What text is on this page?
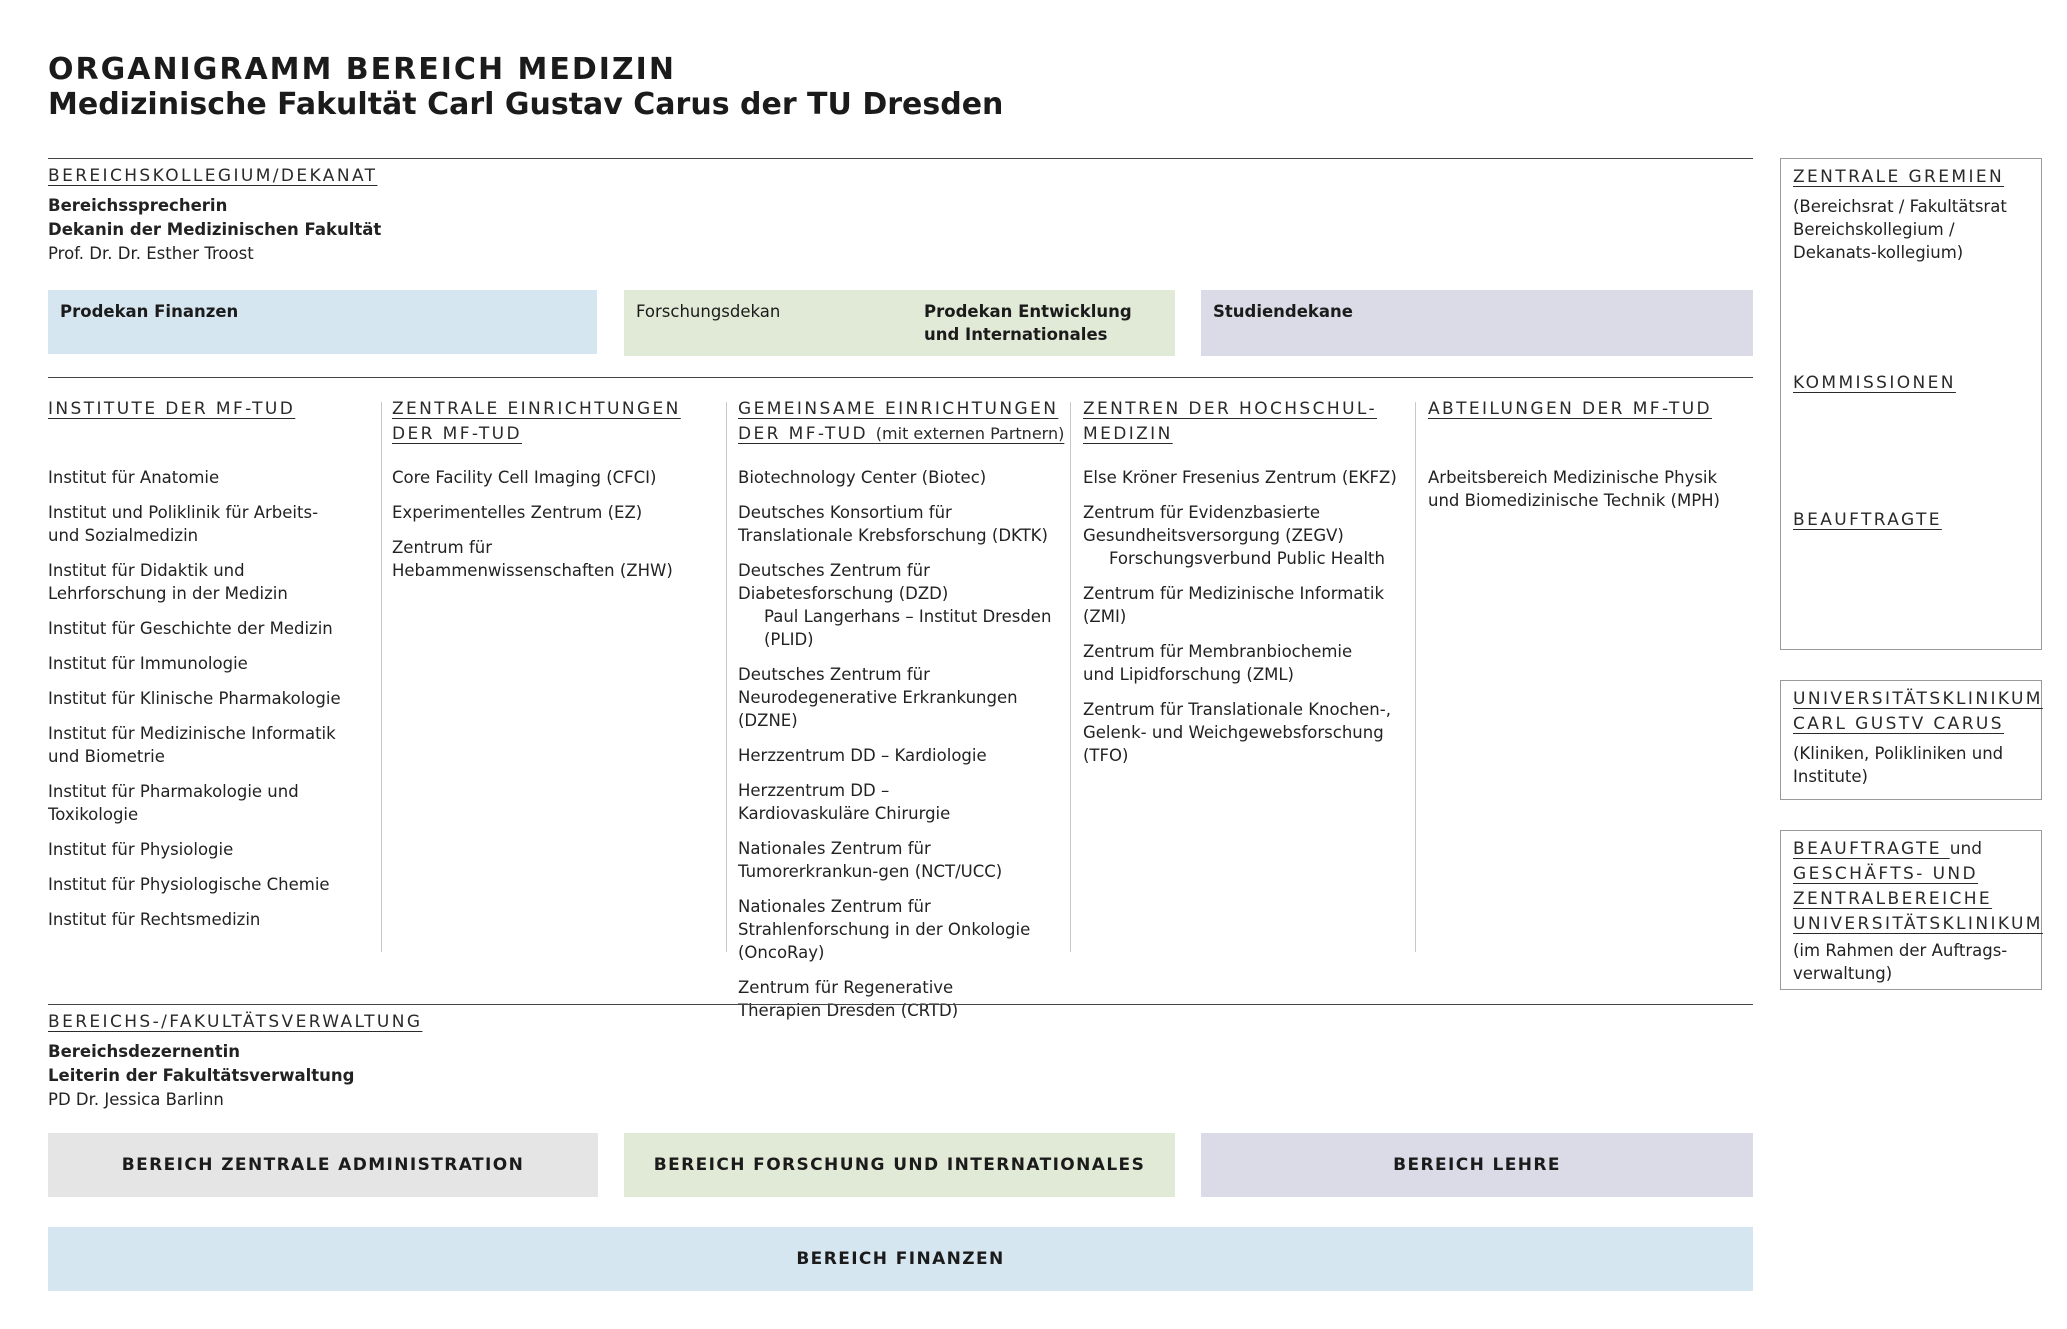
ORGANIGRAMM BEREICH MEDIZIN
Medizinische Fakultät Carl Gustav Carus der TU Dresden
BEREICHSKOLLEGIUM/DEKANAT
Bereichssprecherin
Dekanin der Medizinischen Fakultät
Prof. Dr. Dr. Esther Troost
Prodekan Finanzen	Forschungsdekan	Prodekan Entwicklung
und Internationales
Studiendekane
INSTITUTE DER MF-TUD
Institut für Anatomie
Institut und Poliklinik für Arbeits- und Sozialmedizin
Institut für Didaktik und Lehrforschung in der Medizin
Institut für Geschichte der Medizin
Institut für Immunologie
Institut für Klinische Pharmakologie
Institut für Medizinische Informatik und Biometrie
Institut für Pharmakologie und Toxikologie
Institut für Physiologie
Institut für Physiologische Chemie
Institut für Rechtsmedizin
ZENTRALE EINRICHTUNGEN
DER MF-TUD
Core Facility Cell Imaging (CFCI)
Experimentelles Zentrum (EZ)
Zentrum für Hebammenwissenschaften (ZHW)
GEMEINSAME EINRICHTUNGEN
DER MF-TUD (mit externen Partnern)
Biotechnology Center (Biotec)
Deutsches Konsortium für Translationale Krebsforschung (DKTK)
Deutsches Zentrum für Diabetesforschung (DZD)
Paul Langerhans – Institut Dresden (PLID)
Deutsches Zentrum für Neurodegenerative Erkrankungen (DZNE)
Herzzentrum DD – Kardiologie
Herzzentrum DD – Kardiovaskuläre Chirurgie
Nationales Zentrum für Tumorerkrankun-gen (NCT/UCC)
Nationales Zentrum für Strahlenforschung in der Onkologie (OncoRay)
Zentrum für Regenerative Therapien Dresden (CRTD)
ZENTREN DER HOCHSCHUL-
MEDIZIN
Else Kröner Fresenius Zentrum (EKFZ)
Zentrum für Evidenzbasierte Gesundheitsversorgung (ZEGV)
Forschungsverbund Public Health
Zentrum für Medizinische Informatik (ZMI)
Zentrum für Membranbiochemie und Lipidforschung (ZML)
Zentrum für Translationale Knochen-, Gelenk- und Weichgewebsforschung (TFO)
ABTEILUNGEN DER MF-TUD
Arbeitsbereich Medizinische Physik und Biomedizinische Technik (MPH)
BEREICHS-/FAKULTÄTSVERWALTUNG
Bereichsdezernentin
Leiterin der Fakultätsverwaltung
PD Dr. Jessica Barlinn
BEREICH ZENTRALE ADMINISTRATION	BEREICH FORSCHUNG UND INTERNATIONALES	BEREICH LEHRE
BEREICH FINANZEN
ZENTRALE GREMIEN
(Bereichsrat / Fakultätsrat Bereichskollegium / Dekanats-kollegium)
KOMMISSIONEN
BEAUFTRAGTE
UNIVERSITÄTSKLINIKUM
CARL GUSTV CARUS
(Kliniken, Polikliniken und Institute)
BEAUFTRAGTE und
GESCHÄFTS- UND
ZENTRALBEREICHE
UNIVERSITÄTSKLINIKUM
(im Rahmen der Auftrags-verwaltung)
